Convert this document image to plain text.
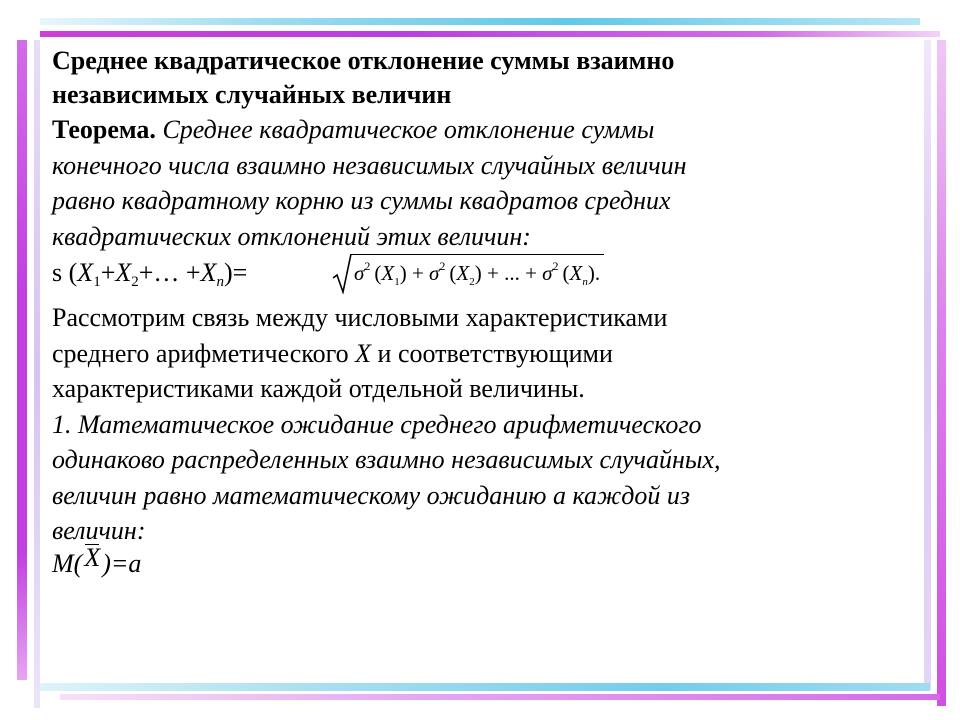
Среднее квадратическое отклонение суммы взаимно
независимых случайных величин
Теорема. Среднее квадратическое отклонение суммы
конечного числа взаимно независимых случайных величин
равно квадратному корню из суммы квадратов средних
квадратических отклонений этих величин:
s $(X_1+X_2+\dots +X_n)=$	$\sigma^2$ $(X_1) + \sigma^2$ $(X_2)$ + ... + $\sigma^2$ $(X_n)$.
Рассмотрим связь между числовыми характеристиками
среднего арифметического X и соответствующими
характеристиками каждой отдельной величины.
1. Математическое ожидание среднего арифметического
одинаково распределенных взаимно независимых случайных,
величин равно математическому ожиданию a каждой из
величин:
M(X)=a
